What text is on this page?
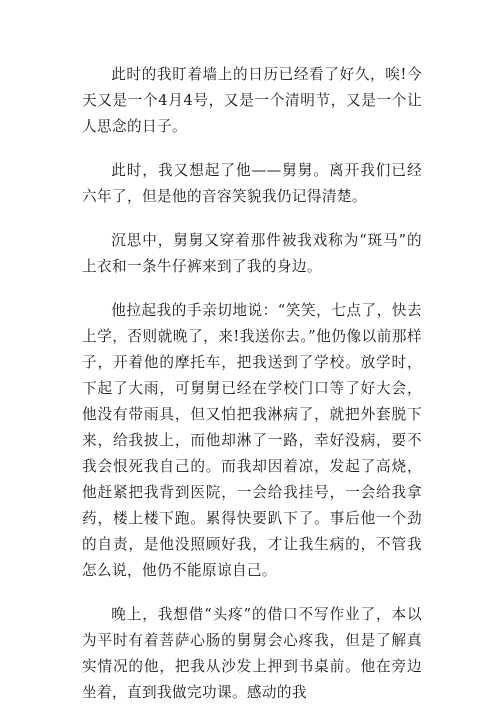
此时的我盯着墙上的日历已经看了好久，唉!今天又是一个4月4号，又是一个清明节，又是一个让人思念的日子。

此时，我又想起了他——舅舅。离开我们已经六年了，但是他的音容笑貌我仍记得清楚。

沉思中，舅舅又穿着那件被我戏称为“斑马”的上衣和一条牛仔裤来到了我的身边。

他拉起我的手亲切地说：“笑笑，七点了，快去上学，否则就晚了，来!我送你去。”他仍像以前那样子，开着他的摩托车，把我送到了学校。放学时，下起了大雨，可舅舅已经在学校门口等了好大会，他没有带雨具，但又怕把我淋病了，就把外套脱下来，给我披上，而他却淋了一路，幸好没病，要不我会恨死我自己的。而我却因着凉，发起了高烧，他赶紧把我背到医院，一会给我挂号，一会给我拿药，楼上楼下跑。累得快要趴下了。事后他一个劲的自责，是他没照顾好我，才让我生病的，不管我怎么说，他仍不能原谅自己。

晚上，我想借“头疼”的借口不写作业了，本以为平时有着菩萨心肠的舅舅会心疼我，但是了解真实情况的他，把我从沙发上押到书桌前。他在旁边坐着，直到我做完功课。感动的我
